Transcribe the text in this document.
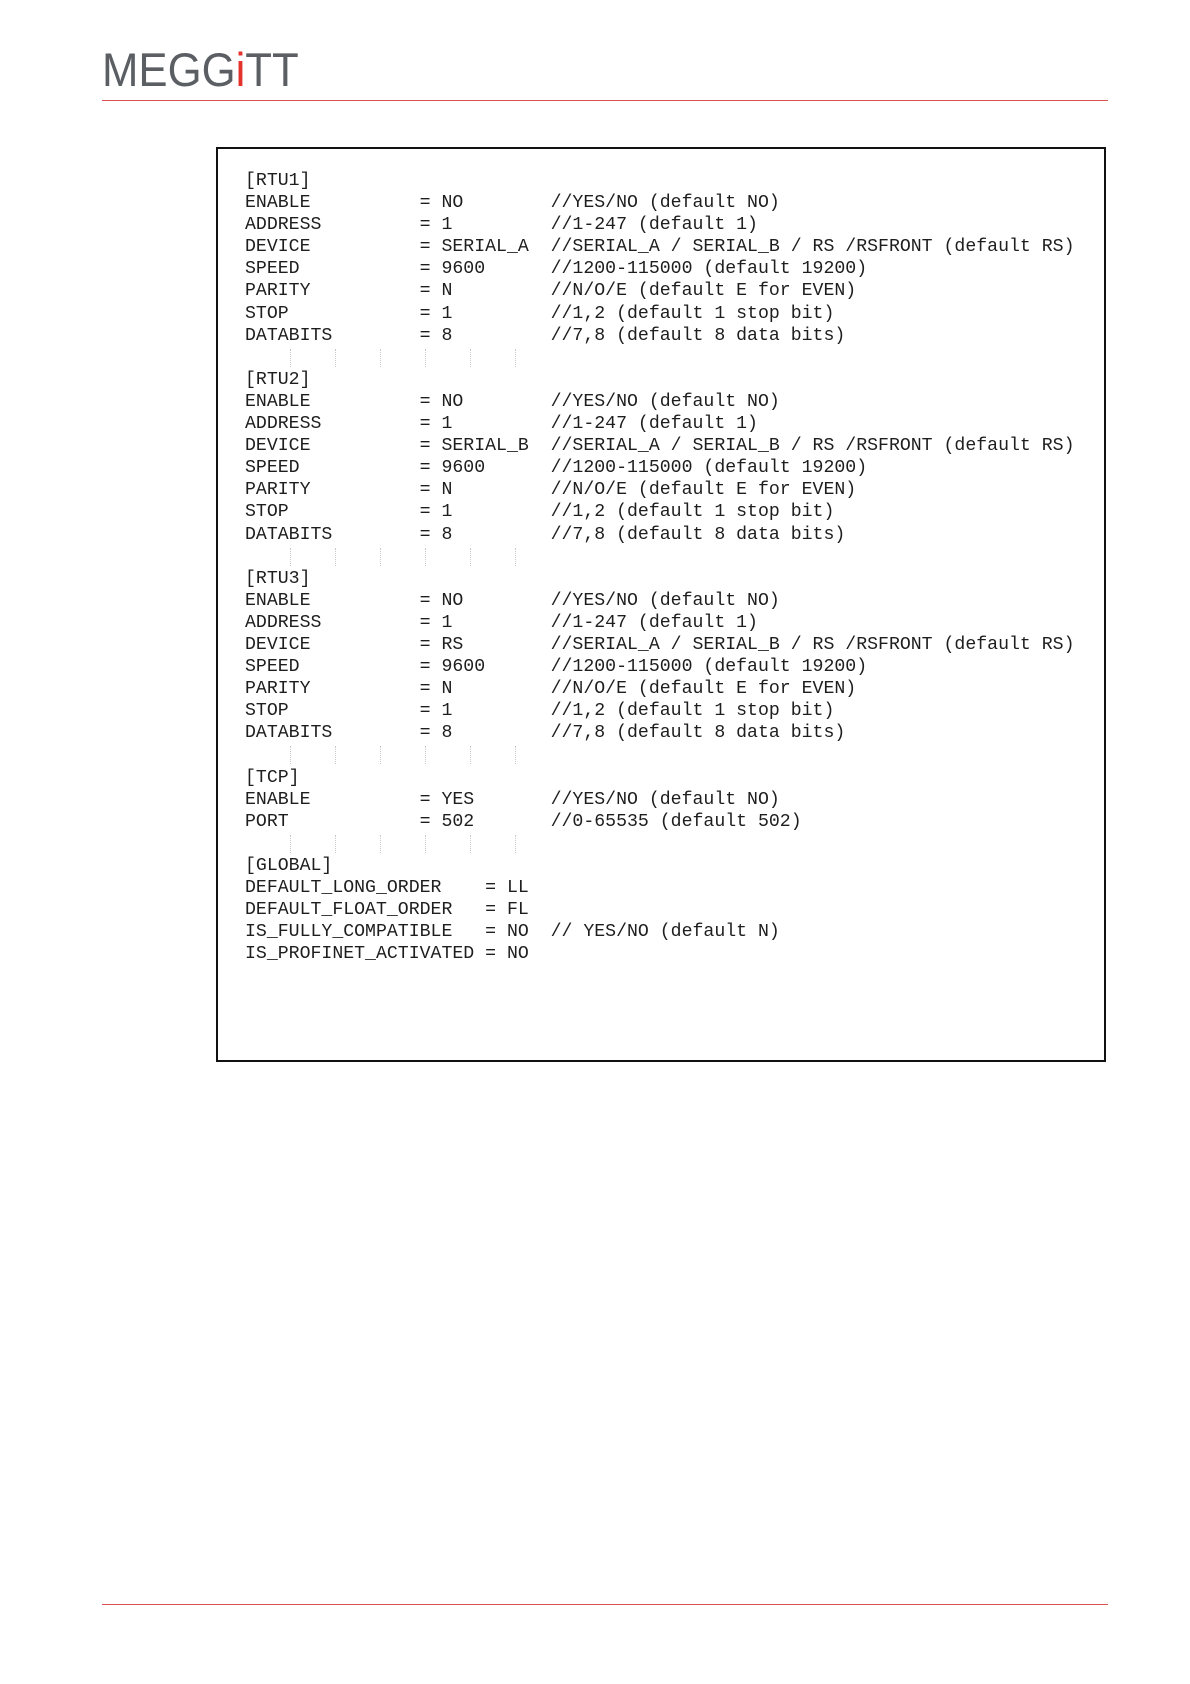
MEGGiTT
[RTU1]
ENABLE          = NO        //YES/NO (default NO)
ADDRESS         = 1         //1-247 (default 1)
DEVICE          = SERIAL_A  //SERIAL_A / SERIAL_B / RS /RSFRONT (default RS)
SPEED           = 9600      //1200-115000 (default 19200)
PARITY          = N         //N/O/E (default E for EVEN)
STOP            = 1         //1,2 (default 1 stop bit)
DATABITS        = 8         //7,8 (default 8 data bits)
[RTU2]
ENABLE          = NO        //YES/NO (default NO)
ADDRESS         = 1         //1-247 (default 1)
DEVICE          = SERIAL_B  //SERIAL_A / SERIAL_B / RS /RSFRONT (default RS)
SPEED           = 9600      //1200-115000 (default 19200)
PARITY          = N         //N/O/E (default E for EVEN)
STOP            = 1         //1,2 (default 1 stop bit)
DATABITS        = 8         //7,8 (default 8 data bits)
[RTU3]
ENABLE          = NO        //YES/NO (default NO)
ADDRESS         = 1         //1-247 (default 1)
DEVICE          = RS        //SERIAL_A / SERIAL_B / RS /RSFRONT (default RS)
SPEED           = 9600      //1200-115000 (default 19200)
PARITY          = N         //N/O/E (default E for EVEN)
STOP            = 1         //1,2 (default 1 stop bit)
DATABITS        = 8         //7,8 (default 8 data bits)
[TCP]
ENABLE          = YES       //YES/NO (default NO)
PORT            = 502       //0-65535 (default 502)
[GLOBAL]
DEFAULT_LONG_ORDER    = LL
DEFAULT_FLOAT_ORDER   = FL
IS_FULLY_COMPATIBLE   = NO  // YES/NO (default N)
IS_PROFINET_ACTIVATED = NO
